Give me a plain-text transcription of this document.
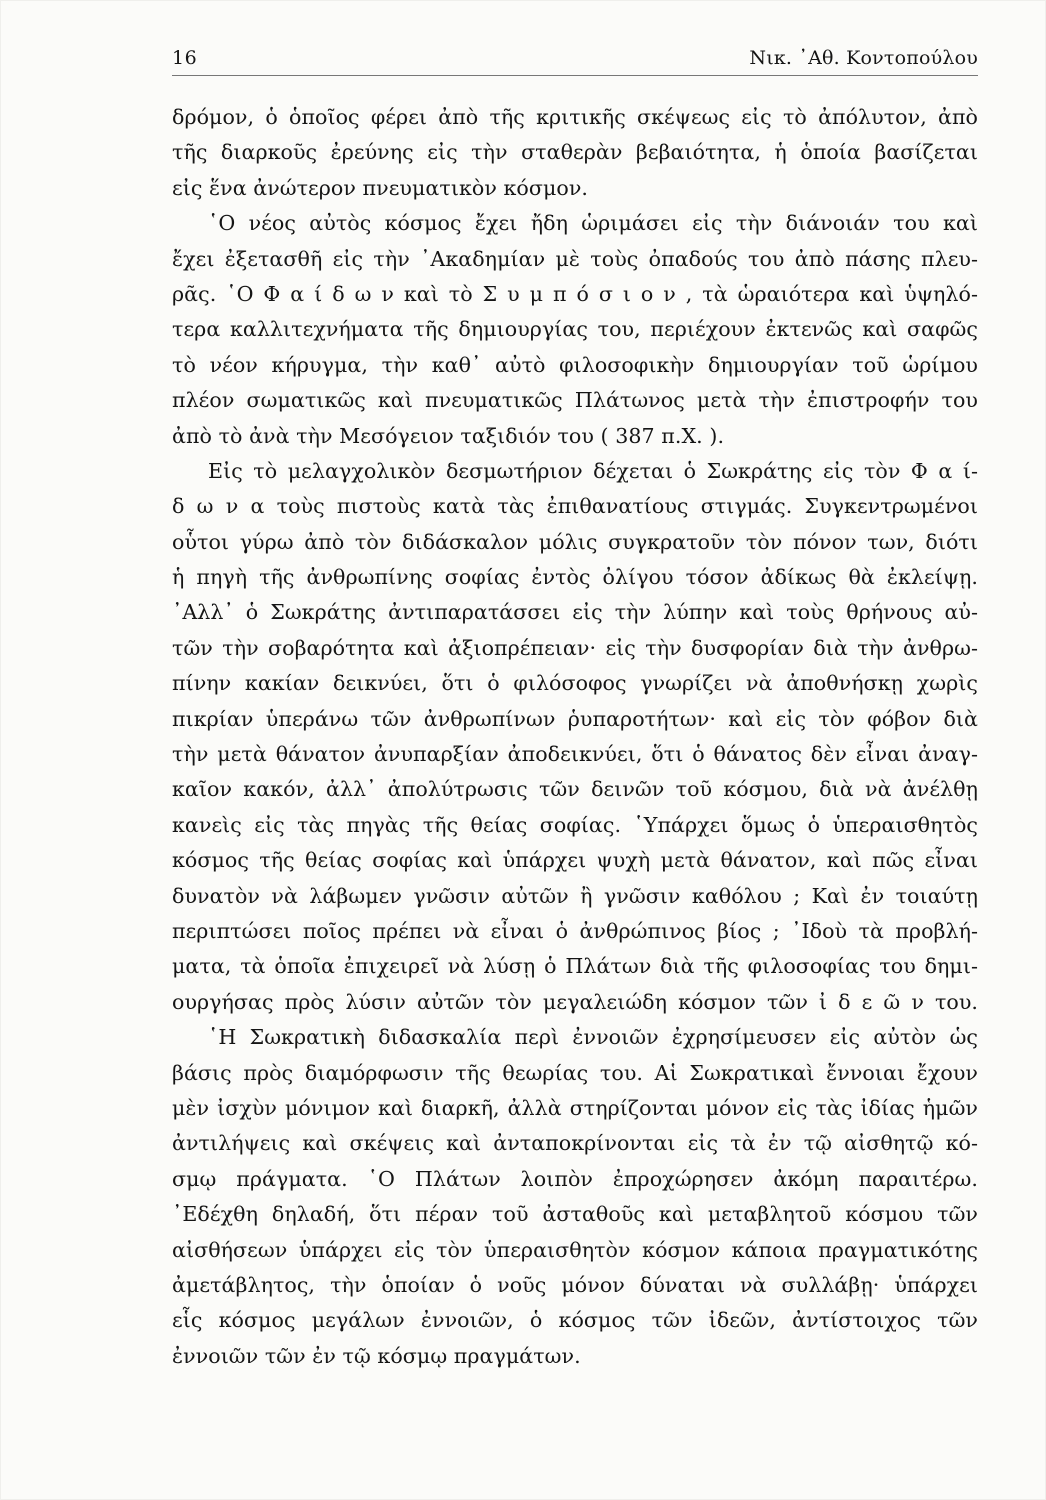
16	Νικ. ᾽Αθ. Κοντοπούλου
δρόμον, ὁ ὁποῖος φέρει ἀπὸ τῆς κριτικῆς σκέψεως εἰς τὸ ἀπόλυτον, ἀπὸ
τῆς διαρκοῦς ἐρεύνης εἰς τὴν σταθερὰν βεβαιότητα, ἡ ὁποία βασίζεται
εἰς ἕνα ἀνώτερον πνευματικὸν κόσμον.
῾Ο νέος αὐτὸς κόσμος ἔχει ἤδη ὡριμάσει εἰς τὴν διάνοιάν του καὶ
ἔχει ἐξετασθῆ εἰς τὴν ᾽Ακαδημίαν μὲ τοὺς ὀπαδούς του ἀπὸ πάσης πλευ-
ρᾶς. ῾Ο Φ α ί δ ω ν καὶ τὸ Σ υ μ π ό σ ι ο ν , τὰ ὡραιότερα καὶ ὑψηλό-
τερα καλλιτεχνήματα τῆς δημιουργίας του, περιέχουν ἐκτενῶς καὶ σαφῶς
τὸ νέον κήρυγμα, τὴν καθ᾽ αὐτὸ φιλοσοφικὴν δημιουργίαν τοῦ ὡρίμου
πλέον σωματικῶς καὶ πνευματικῶς Πλάτωνος μετὰ τὴν ἐπιστροφήν του
ἀπὸ τὸ ἀνὰ τὴν Μεσόγειον ταξιδιόν του ( 387 π.Χ. ).
Εἰς τὸ μελαγχολικὸν δεσμωτήριον δέχεται ὁ Σωκράτης εἰς τὸν Φ α ί-
δ ω ν α τοὺς πιστοὺς κατὰ τὰς ἐπιθανατίους στιγμάς. Συγκεντρωμένοι
οὗτοι γύρω ἀπὸ τὸν διδάσκαλον μόλις συγκρατοῦν τὸν πόνον των, διότι
ἡ πηγὴ τῆς ἀνθρωπίνης σοφίας ἐντὸς ὀλίγου τόσον ἀδίκως θὰ ἐκλείψῃ.
᾽Αλλ᾽ ὁ Σωκράτης ἀντιπαρατάσσει εἰς τὴν λύπην καὶ τοὺς θρήνους αὐ-
τῶν τὴν σοβαρότητα καὶ ἀξιοπρέπειαν· εἰς τὴν δυσφορίαν διὰ τὴν ἀνθρω-
πίνην κακίαν δεικνύει, ὅτι ὁ φιλόσοφος γνωρίζει νὰ ἀποθνήσκῃ χωρὶς
πικρίαν ὑπεράνω τῶν ἀνθρωπίνων ῥυπαροτήτων· καὶ εἰς τὸν φόβον διὰ
τὴν μετὰ θάνατον ἀνυπαρξίαν ἀποδεικνύει, ὅτι ὁ θάνατος δὲν εἶναι ἀναγ-
καῖον κακόν, ἀλλ᾽ ἀπολύτρωσις τῶν δεινῶν τοῦ κόσμου, διὰ νὰ ἀνέλθῃ
κανεὶς εἰς τὰς πηγὰς τῆς θείας σοφίας. ῾Υπάρχει ὅμως ὁ ὑπεραισθητὸς
κόσμος τῆς θείας σοφίας καὶ ὑπάρχει ψυχὴ μετὰ θάνατον, καὶ πῶς εἶναι
δυνατὸν νὰ λάβωμεν γνῶσιν αὐτῶν ἢ γνῶσιν καθόλου ; Καὶ ἐν τοιαύτῃ
περιπτώσει ποῖος πρέπει νὰ εἶναι ὁ ἀνθρώπινος βίος ; ᾽Ιδοὺ τὰ προβλή-
ματα, τὰ ὁποῖα ἐπιχειρεῖ νὰ λύσῃ ὁ Πλάτων διὰ τῆς φιλοσοφίας του δημι-
ουργήσας πρὸς λύσιν αὐτῶν τὸν μεγαλειώδη κόσμον τῶν ἰ δ ε ῶ ν του.
῾Η Σωκρατικὴ διδασκαλία περὶ ἐννοιῶν ἐχρησίμευσεν εἰς αὐτὸν ὡς
βάσις πρὸς διαμόρφωσιν τῆς θεωρίας του. Αἱ Σωκρατικαὶ ἔννοιαι ἔχουν
μὲν ἰσχὺν μόνιμον καὶ διαρκῆ, ἀλλὰ στηρίζονται μόνον εἰς τὰς ἰδίας ἡμῶν
ἀντιλήψεις καὶ σκέψεις καὶ ἀνταποκρίνονται εἰς τὰ ἐν τῷ αἰσθητῷ κό-
σμῳ πράγματα. ῾Ο Πλάτων λοιπὸν ἐπροχώρησεν ἀκόμη παραιτέρω.
᾽Εδέχθη δηλαδή, ὅτι πέραν τοῦ ἀσταθοῦς καὶ μεταβλητοῦ κόσμου τῶν
αἰσθήσεων ὑπάρχει εἰς τὸν ὑπεραισθητὸν κόσμον κάποια πραγματικότης
ἀμετάβλητος, τὴν ὁποίαν ὁ νοῦς μόνον δύναται νὰ συλλάβῃ· ὑπάρχει
εἷς κόσμος μεγάλων ἐννοιῶν, ὁ κόσμος τῶν ἰδεῶν, ἀντίστοιχος τῶν
ἐννοιῶν τῶν ἐν τῷ κόσμῳ πραγμάτων.
